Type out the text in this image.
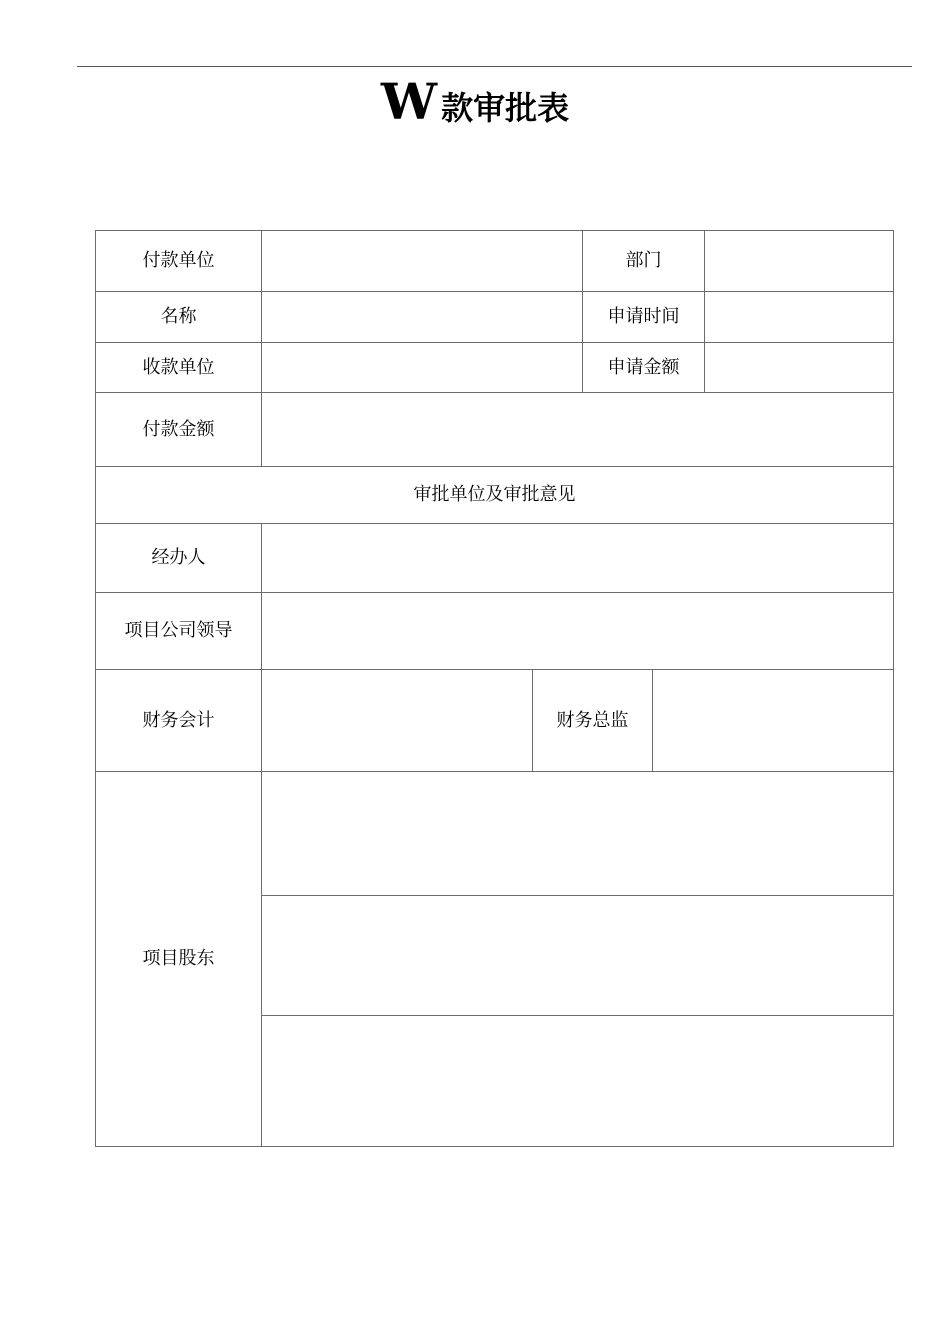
W款审批表
付款单位			部门		
名称			申请时间		
收款单位			申请金额		
付款金额					
审批单位及审批意见					
经办人					
项目公司领导					
财务会计		财务总监			
项目股东					
